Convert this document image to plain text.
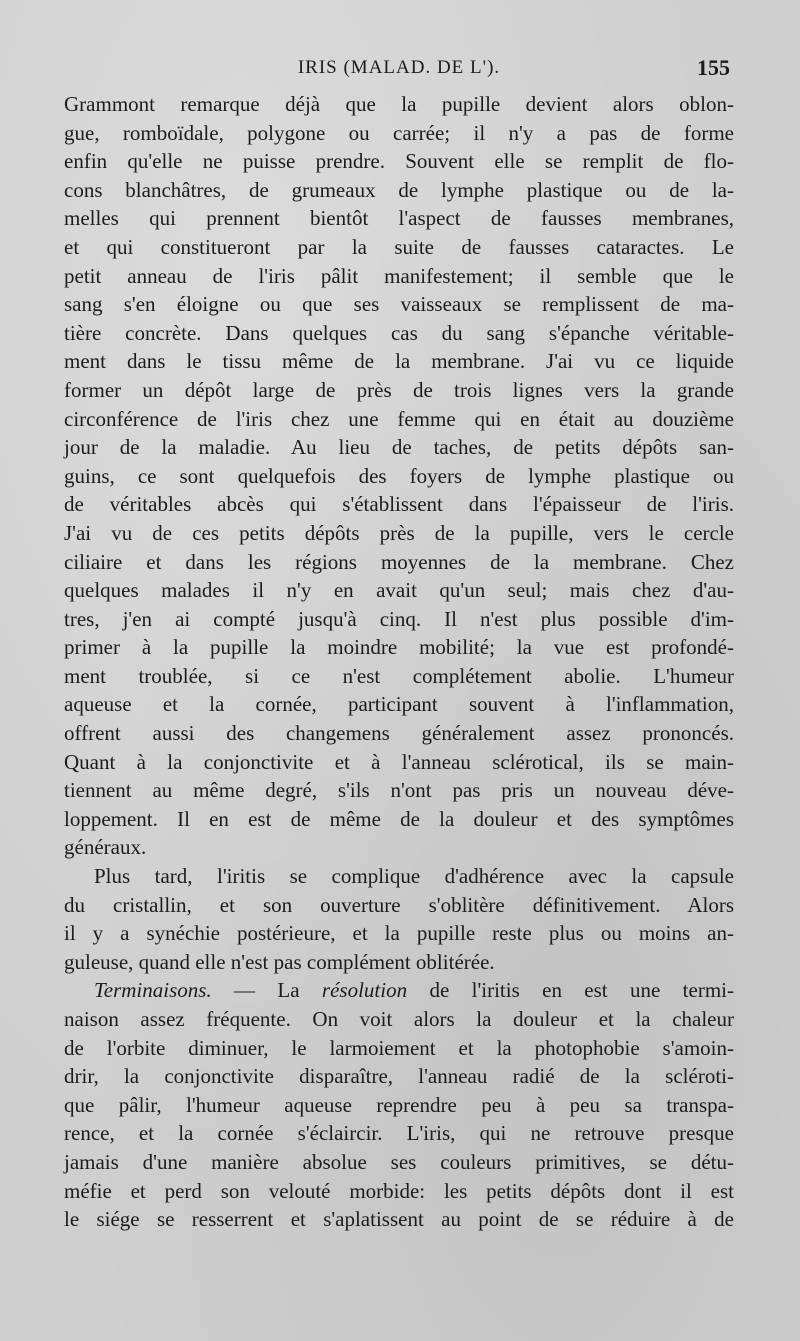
IRIS (MALAD. DE L').	155
Grammont remarque déjà que la pupille devient alors oblon-
gue, romboïdale, polygone ou carrée; il n'y a pas de forme
enfin qu'elle ne puisse prendre. Souvent elle se remplit de flo-
cons blanchâtres, de grumeaux de lymphe plastique ou de la-
melles qui prennent bientôt l'aspect de fausses membranes,
et qui constitueront par la suite de fausses cataractes. Le
petit anneau de l'iris pâlit manifestement; il semble que le
sang s'en éloigne ou que ses vaisseaux se remplissent de ma-
tière concrète. Dans quelques cas du sang s'épanche véritable-
ment dans le tissu même de la membrane. J'ai vu ce liquide
former un dépôt large de près de trois lignes vers la grande
circonférence de l'iris chez une femme qui en était au douzième
jour de la maladie. Au lieu de taches, de petits dépôts san-
guins, ce sont quelquefois des foyers de lymphe plastique ou
de véritables abcès qui s'établissent dans l'épaisseur de l'iris.
J'ai vu de ces petits dépôts près de la pupille, vers le cercle
ciliaire et dans les régions moyennes de la membrane. Chez
quelques malades il n'y en avait qu'un seul; mais chez d'au-
tres, j'en ai compté jusqu'à cinq. Il n'est plus possible d'im-
primer à la pupille la moindre mobilité; la vue est profondé-
ment troublée, si ce n'est complétement abolie. L'humeur
aqueuse et la cornée, participant souvent à l'inflammation,
offrent aussi des changemens généralement assez prononcés.
Quant à la conjonctivite et à l'anneau sclérotical, ils se main-
tiennent au même degré, s'ils n'ont pas pris un nouveau déve-
loppement. Il en est de même de la douleur et des symptômes
généraux.
Plus tard, l'iritis se complique d'adhérence avec la capsule
du cristallin, et son ouverture s'oblitère définitivement. Alors
il y a synéchie postérieure, et la pupille reste plus ou moins an-
guleuse, quand elle n'est pas complément oblitérée.
Terminaisons. — La résolution de l'iritis en est une termi-
naison assez fréquente. On voit alors la douleur et la chaleur
de l'orbite diminuer, le larmoiement et la photophobie s'amoin-
drir, la conjonctivite disparaître, l'anneau radié de la scléroti-
que pâlir, l'humeur aqueuse reprendre peu à peu sa transpa-
rence, et la cornée s'éclaircir. L'iris, qui ne retrouve presque
jamais d'une manière absolue ses couleurs primitives, se détu-
méfie et perd son velouté morbide: les petits dépôts dont il est
le siége se resserrent et s'aplatissent au point de se réduire à de
